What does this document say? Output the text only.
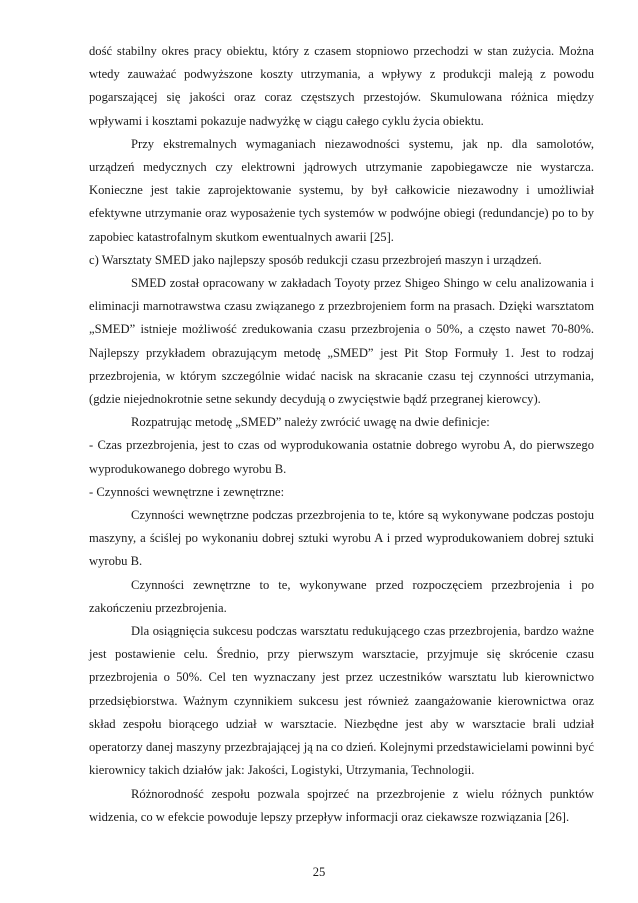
dość stabilny okres pracy obiektu, który z czasem stopniowo przechodzi w stan zużycia. Można wtedy zauważać podwyższone koszty utrzymania, a wpływy z produkcji maleją z powodu pogarszającej się jakości oraz coraz częstszych przestojów. Skumulowana różnica między wpływami i kosztami pokazuje nadwyżkę w ciągu całego cyklu życia obiektu.

Przy ekstremalnych wymaganiach niezawodności systemu, jak np. dla samolotów, urządzeń medycznych czy elektrowni jądrowych utrzymanie zapobiegawcze nie wystarcza. Konieczne jest takie zaprojektowanie systemu, by był całkowicie niezawodny i umożliwiał efektywne utrzymanie oraz wyposażenie tych systemów w podwójne obiegi (redundancje) po to by zapobiec katastrofalnym skutkom ewentualnych awarii [25].

c) Warsztaty SMED jako najlepszy sposób redukcji czasu przezbrojeń maszyn i urządzeń.

SMED został opracowany w zakładach Toyoty przez Shigeo Shingo w celu analizowania i eliminacji marnotrawstwa czasu związanego z przezbrojeniem form na prasach. Dzięki warsztatom „SMED” istnieje możliwość zredukowania czasu przezbrojenia o 50%, a często nawet 70-80%. Najlepszy przykładem obrazującym metodę „SMED” jest Pit Stop Formuły 1. Jest to rodzaj przezbrojenia, w którym szczególnie widać nacisk na skracanie czasu tej czynności utrzymania, (gdzie niejednokrotnie setne sekundy decydują o zwycięstwie bądź przegranej kierowcy).

Rozpatrując metodę „SMED” należy zwrócić uwagę na dwie definicje:

- Czas przezbrojenia, jest to czas od wyprodukowania ostatnie dobrego wyrobu A, do pierwszego wyprodukowanego dobrego wyrobu B.

- Czynności wewnętrzne i zewnętrzne:

Czynności wewnętrzne podczas przezbrojenia to te, które są wykonywane podczas postoju maszyny, a ściślej po wykonaniu dobrej sztuki wyrobu A i przed wyprodukowaniem dobrej sztuki wyrobu B.

Czynności zewnętrzne to te, wykonywane przed rozpoczęciem przezbrojenia i po zakończeniu przezbrojenia.

Dla osiągnięcia sukcesu podczas warsztatu redukującego czas przezbrojenia, bardzo ważne jest postawienie celu. Średnio, przy pierwszym warsztacie, przyjmuje się skrócenie czasu przezbrojenia o 50%. Cel ten wyznaczany jest przez uczestników warsztatu lub kierownictwo przedsiębiorstwa. Ważnym czynnikiem sukcesu jest również zaangażowanie kierownictwa oraz skład zespołu biorącego udział w warsztacie. Niezbędne jest aby w warsztacie brali udział operatorzy danej maszyny przezbrajającej ją na co dzień. Kolejnymi przedstawicielami powinni być kierownicy takich działów jak: Jakości, Logistyki, Utrzymania, Technologii.

Różnorodność zespołu pozwala spojrzeć na przezbrojenie z wielu różnych punktów widzenia, co w efekcie powoduje lepszy przepływ informacji oraz ciekawsze rozwiązania [26].

25
